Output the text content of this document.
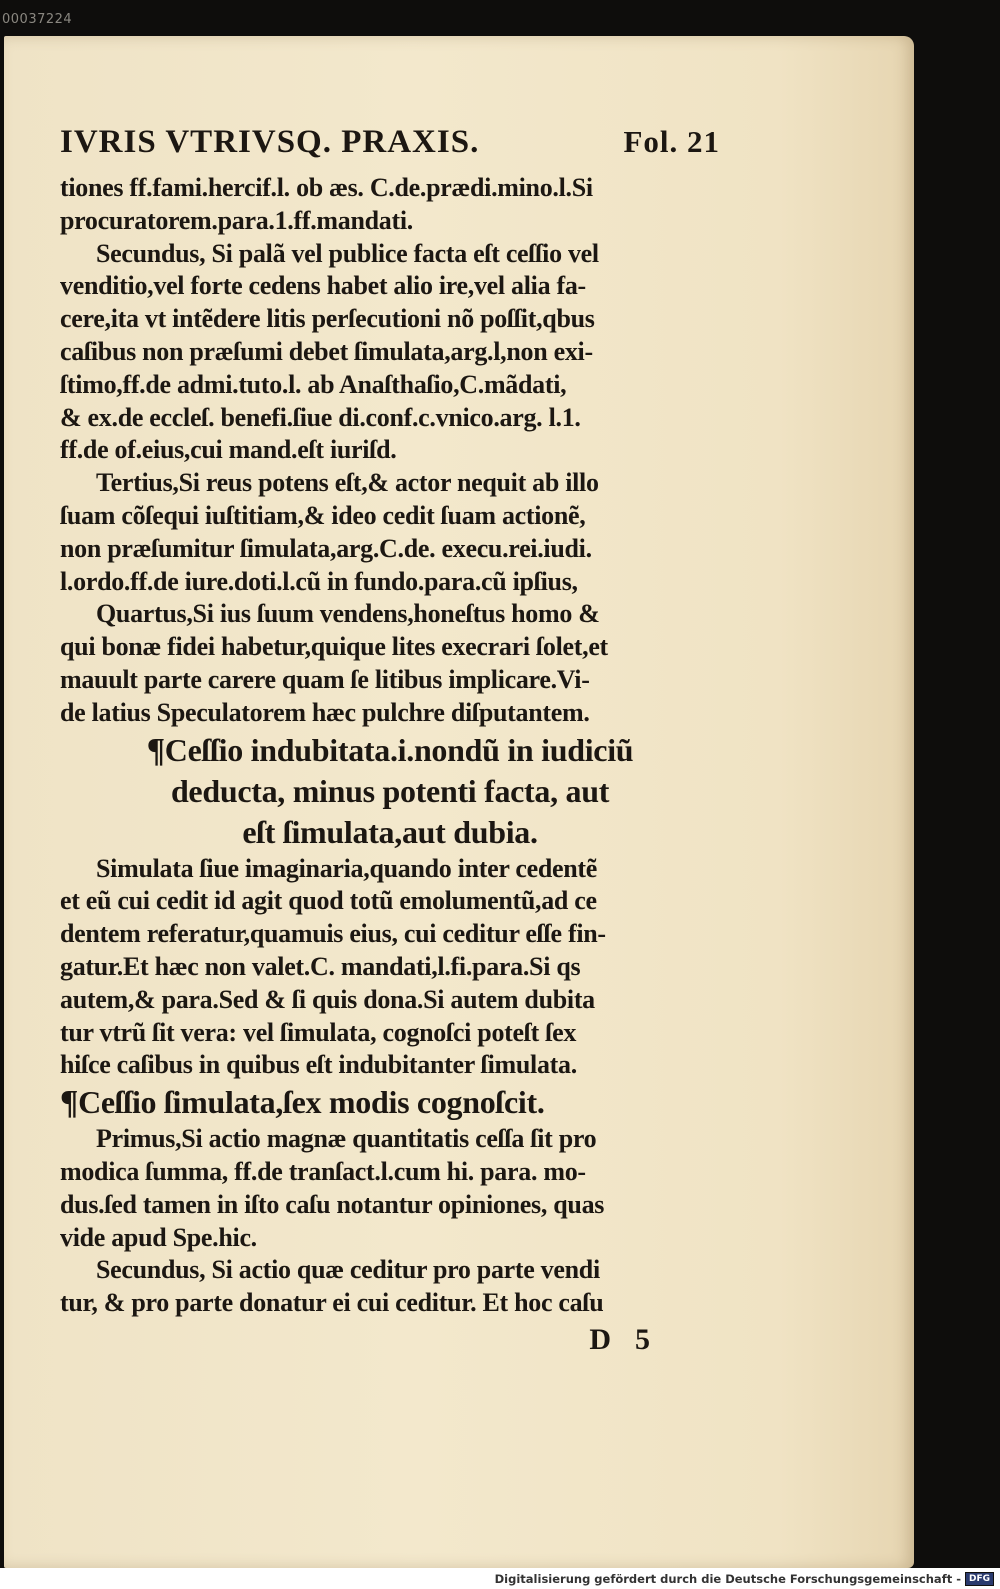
00037224
IVRIS VTRIVSQ. PRAXIS.	Fol. 21
tiones ff.fami.hercif.l. ob æs. C.de.prædi.mino.l.Si
procuratorem.para.1.ff.mandati.
Secundus, Si palã vel publice facta eſt ceſſio vel
venditio,vel forte cedens habet alio ire,vel alia fa-
cere,ita vt intẽdere litis perſecutioni nõ poſſit,qbus
caſibus non præſumi debet ſimulata,arg.l,non exi-
ſtimo,ff.de admi.tuto.l. ab Anaſthaſio,C.mãdati,
& ex.de eccleſ. benefi.ſiue di.conf.c.vnico.arg. l.1.
ff.de of.eius,cui mand.eſt iuriſd.
Tertius,Si reus potens eſt,& actor nequit ab illo
ſuam cõſequi iuſtitiam,& ideo cedit ſuam actionẽ,
non præſumitur ſimulata,arg.C.de. execu.rei.iudi.
l.ordo.ff.de iure.doti.l.cũ in fundo.para.cũ ipſius,
Quartus,Si ius ſuum vendens,honeſtus homo &
qui bonæ fidei habetur,quique lites execrari ſolet,et
mauult parte carere quam ſe litibus implicare.Vi-
de latius Speculatorem hæc pulchre diſputantem.
¶Ceſſio indubitata.i.nondũ in iudiciũ
deducta, minus potenti facta, aut
eſt ſimulata,aut dubia.
Simulata ſiue imaginaria,quando inter cedentẽ
et eũ cui cedit id agit quod totũ emolumentũ,ad ce
dentem referatur,quamuis eius, cui ceditur eſſe fin-
gatur.Et hæc non valet.C. mandati,l.fi.para.Si qs
autem,& para.Sed & ſi quis dona.Si autem dubita
tur vtrũ ſit vera: vel ſimulata, cognoſci poteſt ſex
hiſce caſibus in quibus eſt indubitanter ſimulata.
¶Ceſſio ſimulata,ſex modis cognoſcit.
Primus,Si actio magnæ quantitatis ceſſa ſit pro
modica ſumma, ff.de tranſact.l.cum hi. para. mo-
dus.ſed tamen in iſto caſu notantur opiniones, quas
vide apud Spe.hic.
Secundus, Si actio quæ ceditur pro parte vendi
tur, & pro parte donatur ei cui ceditur. Et hoc caſu
D 5
Digitalisierung gefördert durch die Deutsche Forschungsgemeinschaft - DFG
